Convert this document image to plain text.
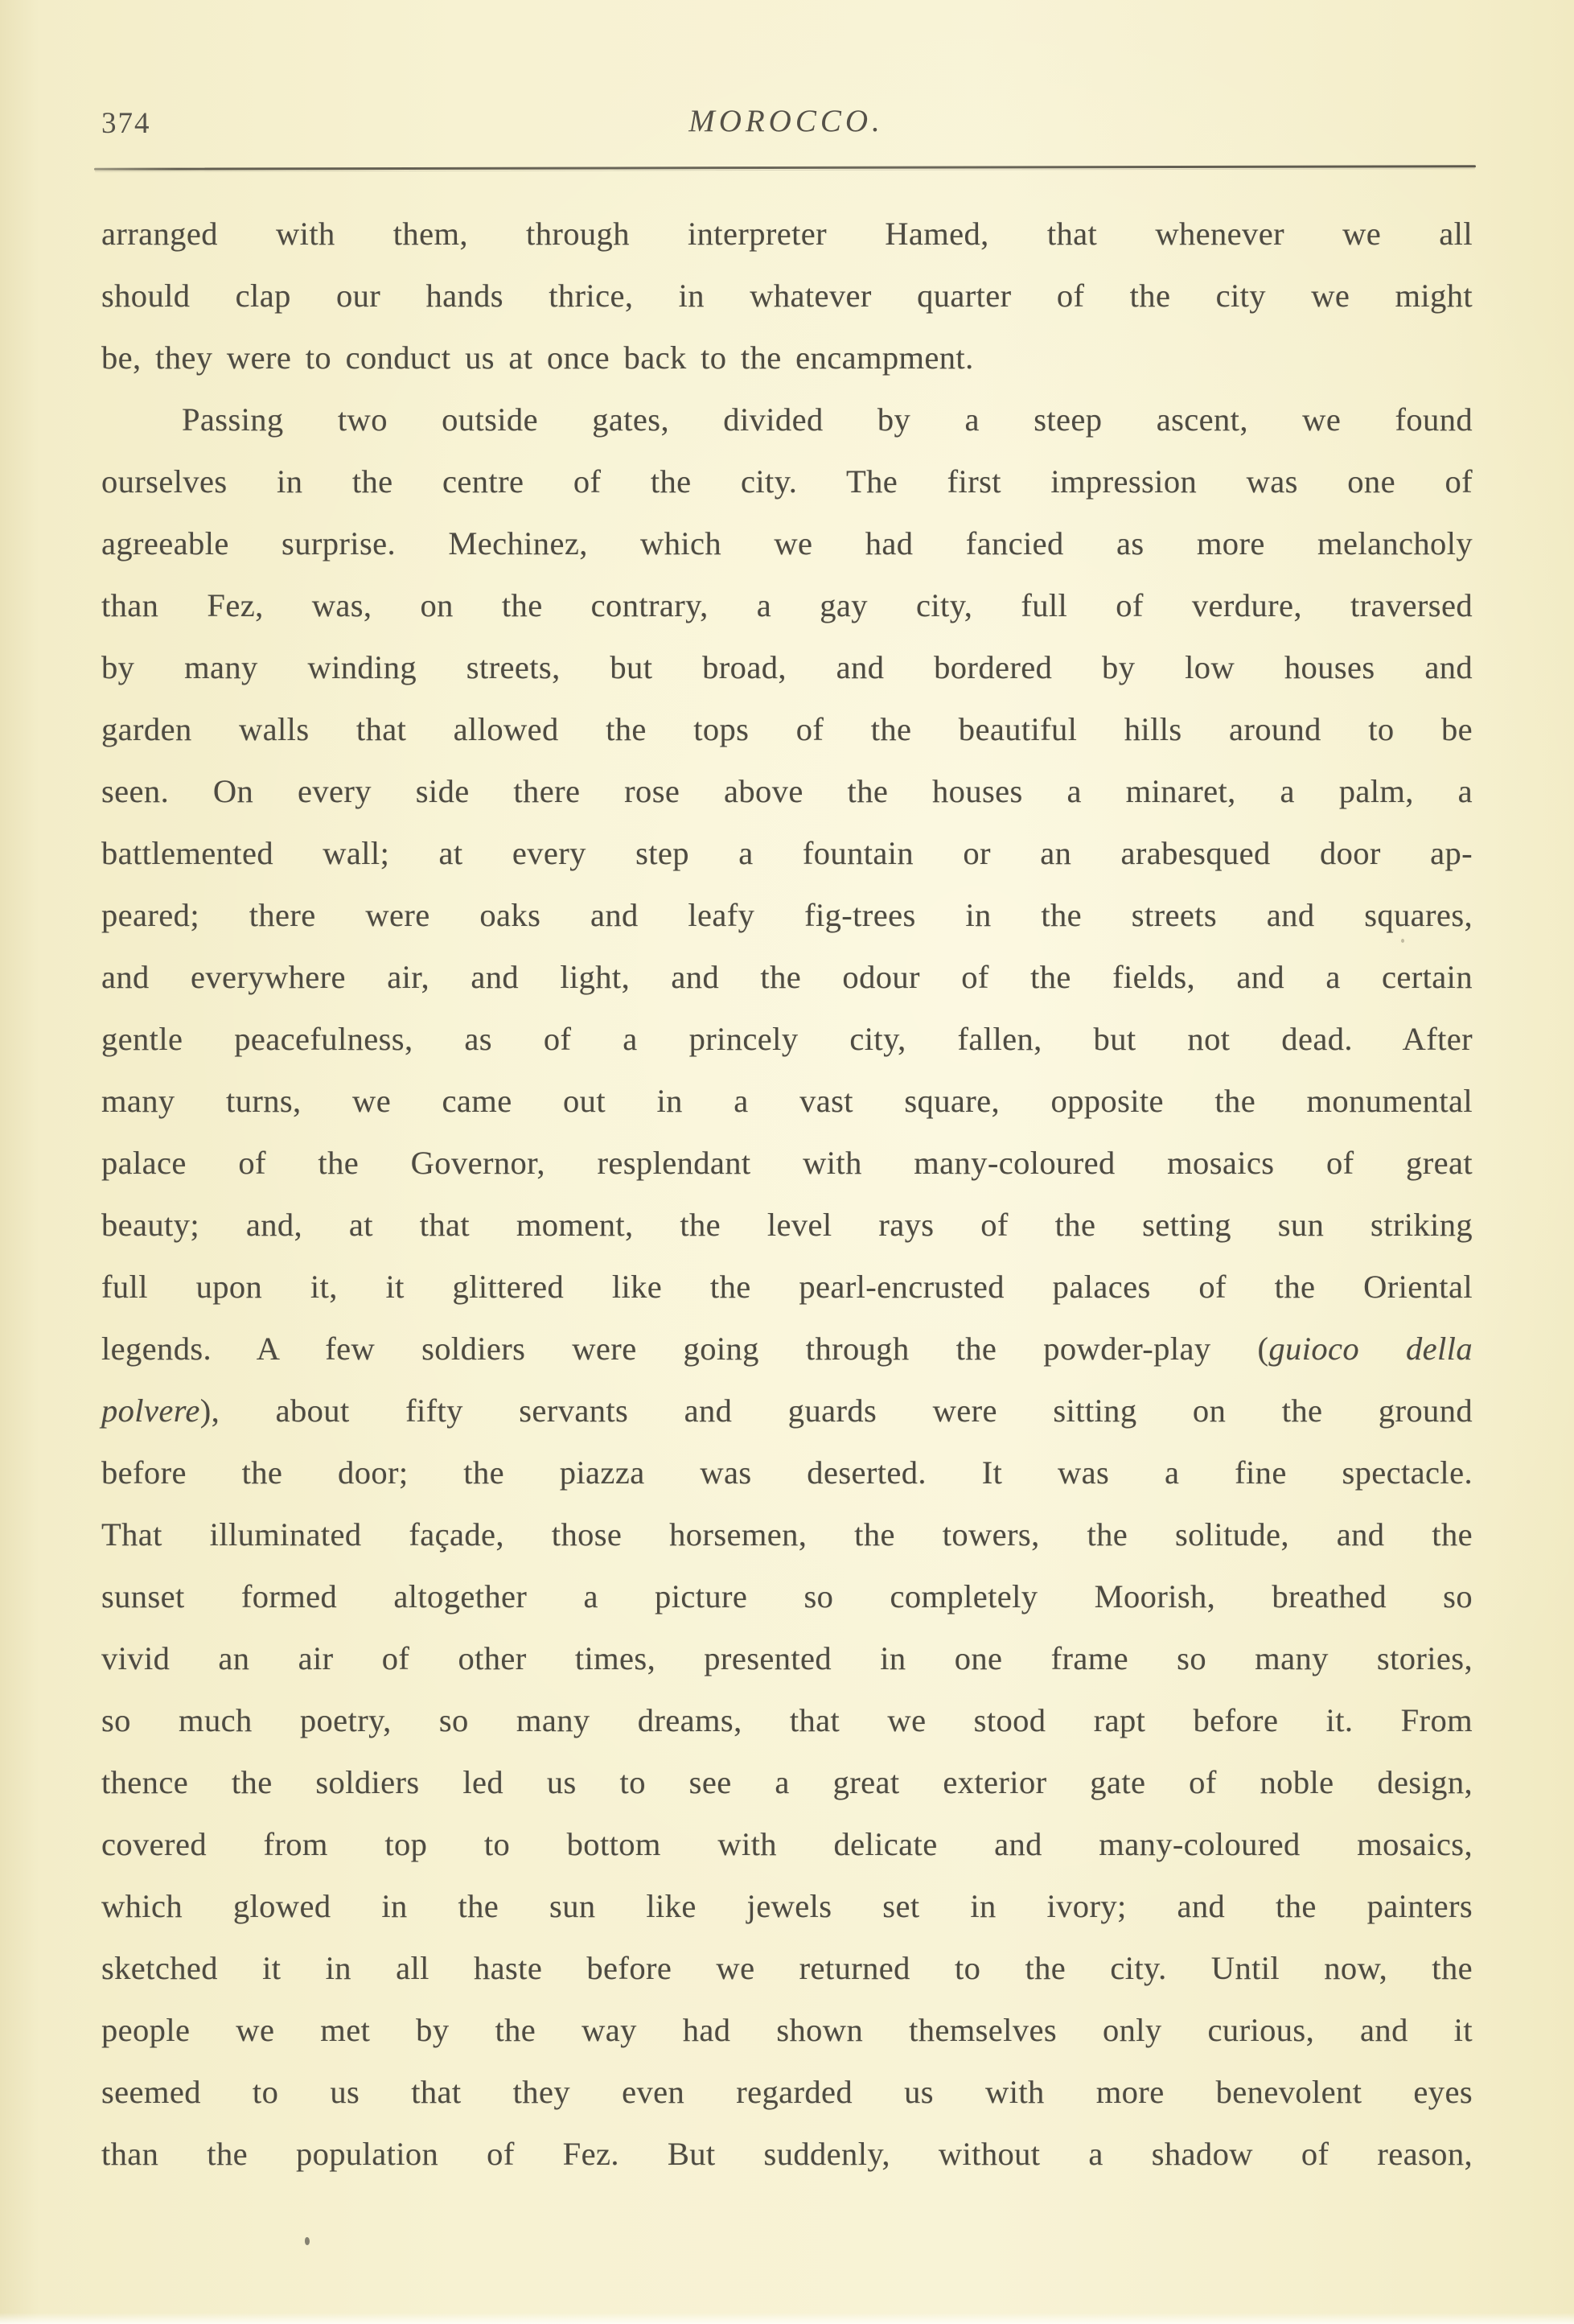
374	MOROCCO.
arranged with them, through interpreter Hamed, that whenever we all
should clap our hands thrice, in whatever quarter of the city we might
be, they were to conduct us at once back to the encampment.
Passing two outside gates, divided by a steep ascent, we found
ourselves in the centre of the city. The first impression was one of
agreeable surprise. Mechinez, which we had fancied as more melancholy
than Fez, was, on the contrary, a gay city, full of verdure, traversed
by many winding streets, but broad, and bordered by low houses and
garden walls that allowed the tops of the beautiful hills around to be
seen. On every side there rose above the houses a minaret, a palm, a
battlemented wall; at every step a fountain or an arabesqued door ap-
peared; there were oaks and leafy fig-trees in the streets and squares,
and everywhere air, and light, and the odour of the fields, and a certain
gentle peacefulness, as of a princely city, fallen, but not dead. After
many turns, we came out in a vast square, opposite the monumental
palace of the Governor, resplendant with many-coloured mosaics of great
beauty; and, at that moment, the level rays of the setting sun striking
full upon it, it glittered like the pearl-encrusted palaces of the Oriental
legends. A few soldiers were going through the powder-play (guioco della
polvere), about fifty servants and guards were sitting on the ground
before the door; the piazza was deserted. It was a fine spectacle.
That illuminated façade, those horsemen, the towers, the solitude, and the
sunset formed altogether a picture so completely Moorish, breathed so
vivid an air of other times, presented in one frame so many stories,
so much poetry, so many dreams, that we stood rapt before it. From
thence the soldiers led us to see a great exterior gate of noble design,
covered from top to bottom with delicate and many-coloured mosaics,
which glowed in the sun like jewels set in ivory; and the painters
sketched it in all haste before we returned to the city. Until now, the
people we met by the way had shown themselves only curious, and it
seemed to us that they even regarded us with more benevolent eyes
than the population of Fez. But suddenly, without a shadow of reason,
